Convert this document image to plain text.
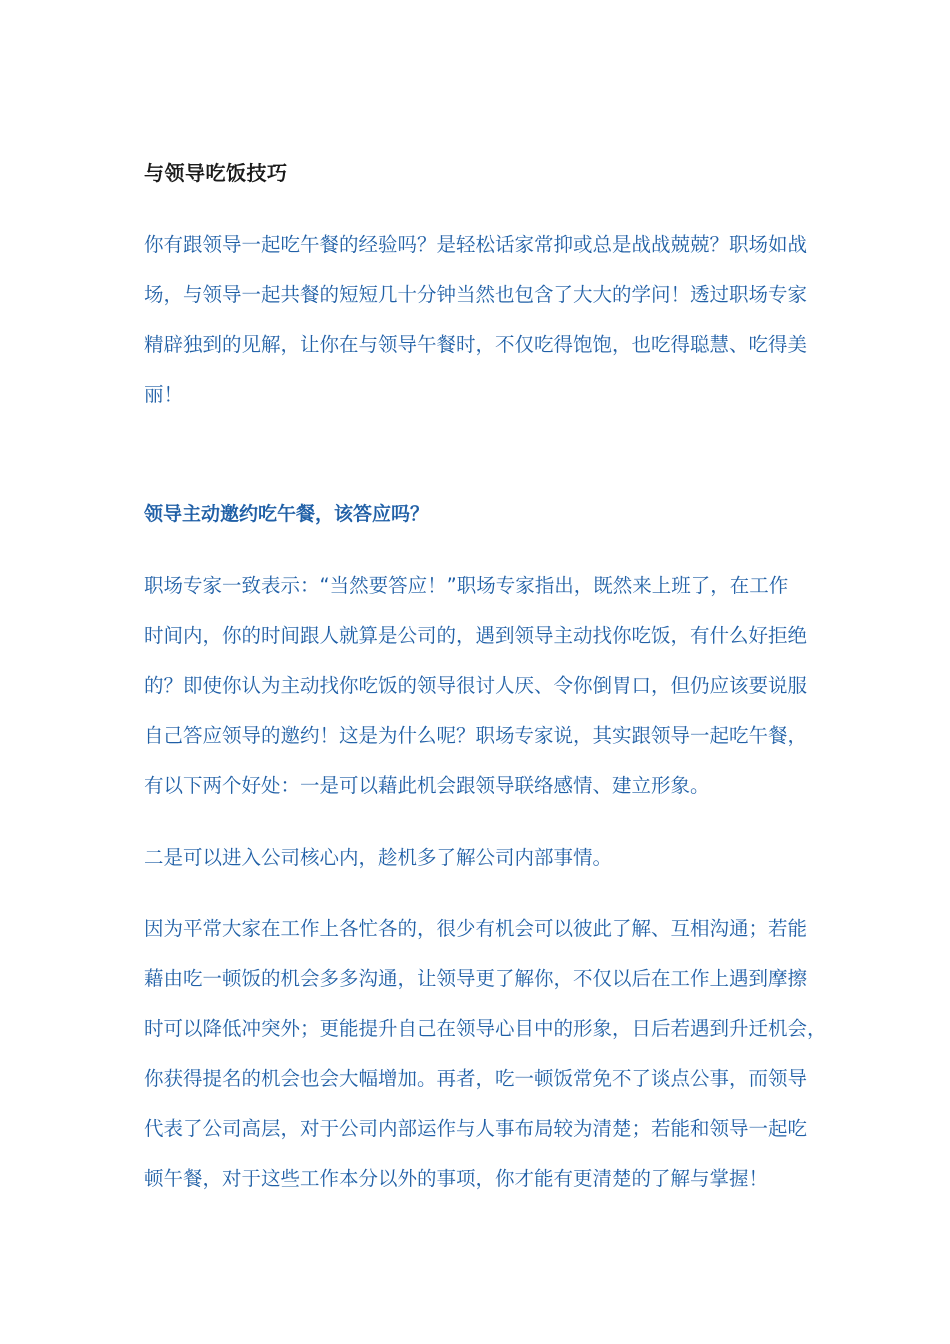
与领导吃饭技巧
你有跟领导一起吃午餐的经验吗？是轻松话家常抑或总是战战兢兢？职场如战
场，与领导一起共餐的短短几十分钟当然也包含了大大的学问！透过职场专家
精辟独到的见解，让你在与领导午餐时，不仅吃得饱饱，也吃得聪慧、吃得美
丽！
领导主动邀约吃午餐，该答应吗？
职场专家一致表示：“当然要答应！”职场专家指出，既然来上班了，在工作
时间内，你的时间跟人就算是公司的，遇到领导主动找你吃饭，有什么好拒绝
的？即使你认为主动找你吃饭的领导很讨人厌、令你倒胃口，但仍应该要说服
自己答应领导的邀约！这是为什么呢？职场专家说，其实跟领导一起吃午餐，
有以下两个好处：一是可以藉此机会跟领导联络感情、建立形象。
二是可以进入公司核心内，趁机多了解公司内部事情。
因为平常大家在工作上各忙各的，很少有机会可以彼此了解、互相沟通；若能
藉由吃一顿饭的机会多多沟通，让领导更了解你，不仅以后在工作上遇到摩擦
时可以降低冲突外；更能提升自己在领导心目中的形象，日后若遇到升迁机会，
你获得提名的机会也会大幅增加。再者，吃一顿饭常免不了谈点公事，而领导
代表了公司高层，对于公司内部运作与人事布局较为清楚；若能和领导一起吃
顿午餐，对于这些工作本分以外的事项，你才能有更清楚的了解与掌握！
